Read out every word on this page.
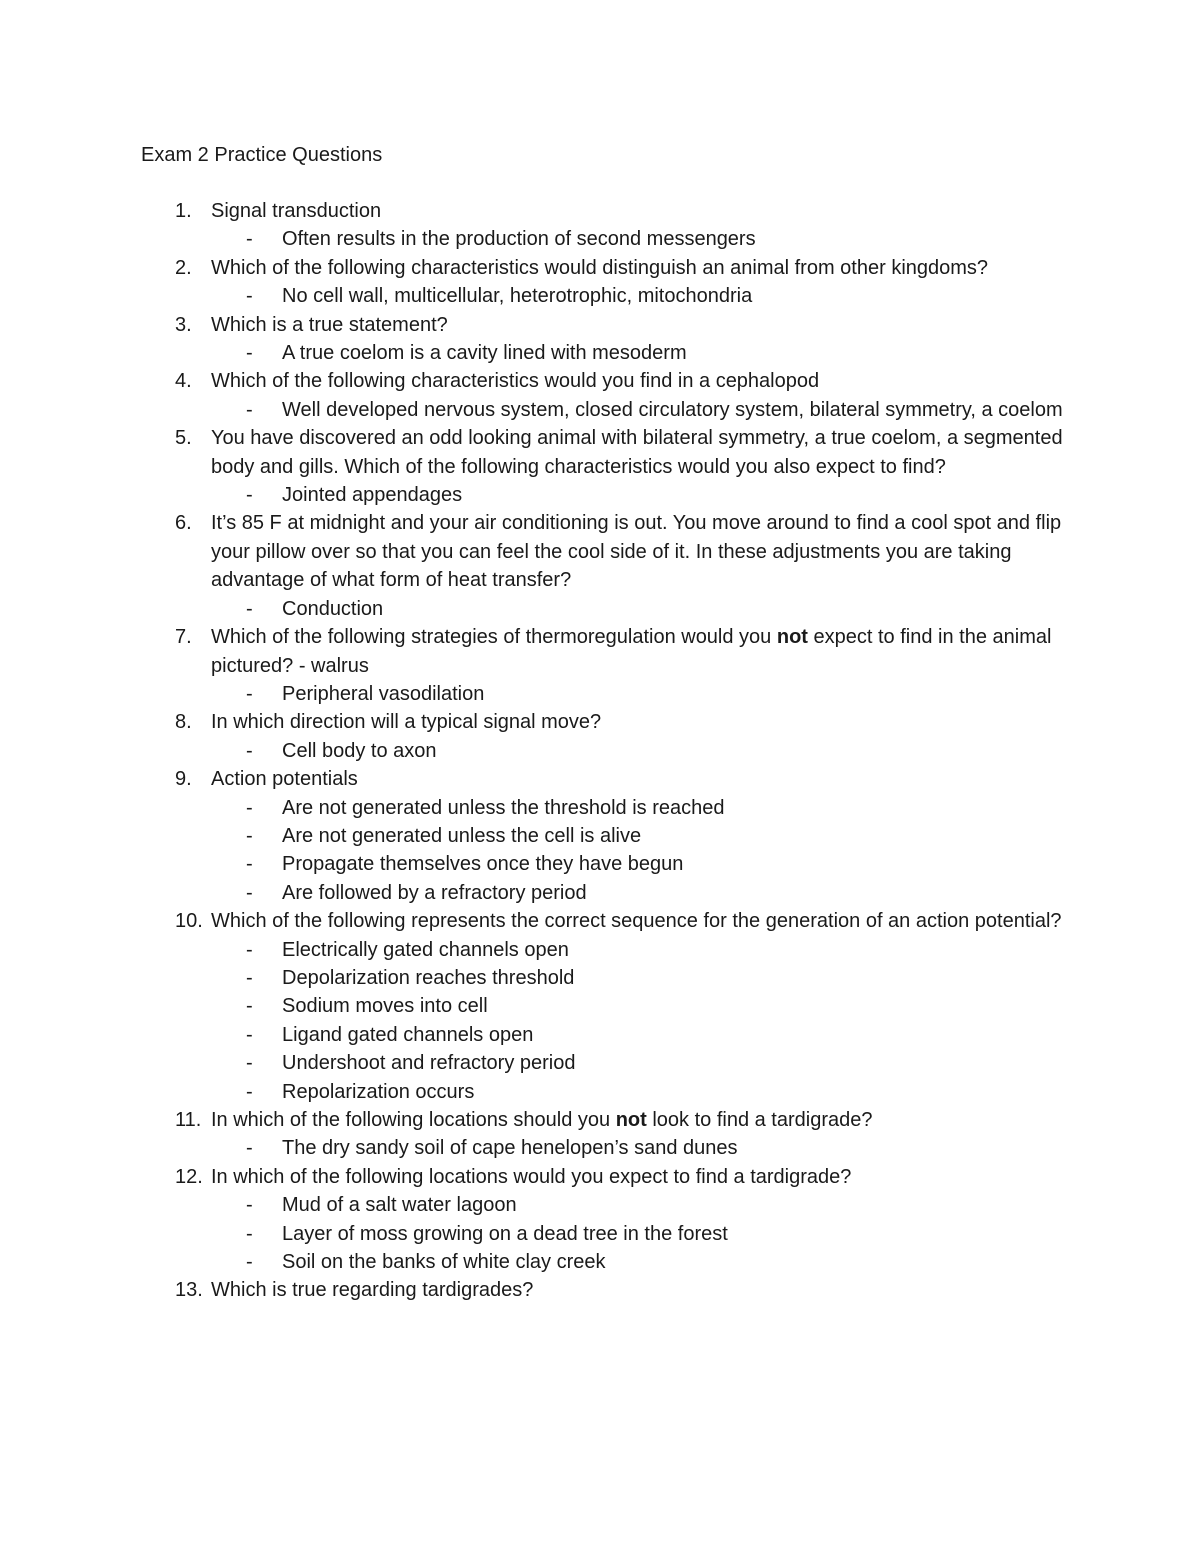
Exam 2 Practice Questions
1. Signal transduction
- Often results in the production of second messengers
2. Which of the following characteristics would distinguish an animal from other kingdoms?
- No cell wall, multicellular, heterotrophic, mitochondria
3. Which is a true statement?
- A true coelom is a cavity lined with mesoderm
4. Which of the following characteristics would you find in a cephalopod
- Well developed nervous system, closed circulatory system, bilateral symmetry, a coelom
5. You have discovered an odd looking animal with bilateral symmetry, a true coelom, a segmented body and gills. Which of the following characteristics would you also expect to find?
- Jointed appendages
6. It’s 85 F at midnight and your air conditioning is out. You move around to find a cool spot and flip your pillow over so that you can feel the cool side of it. In these adjustments you are taking advantage of what form of heat transfer?
- Conduction
7. Which of the following strategies of thermoregulation would you not expect to find in the animal pictured? - walrus
- Peripheral vasodilation
8. In which direction will a typical signal move?
- Cell body to axon
9. Action potentials
- Are not generated unless the threshold is reached
- Are not generated unless the cell is alive
- Propagate themselves once they have begun
- Are followed by a refractory period
10. Which of the following represents the correct sequence for the generation of an action potential?
- Electrically gated channels open
- Depolarization reaches threshold
- Sodium moves into cell
- Ligand gated channels open
- Undershoot and refractory period
- Repolarization occurs
11. In which of the following locations should you not look to find a tardigrade?
- The dry sandy soil of cape henelopen’s sand dunes
12. In which of the following locations would you expect to find a tardigrade?
- Mud of a salt water lagoon
- Layer of moss growing on a dead tree in the forest
- Soil on the banks of white clay creek
13. Which is true regarding tardigrades?
